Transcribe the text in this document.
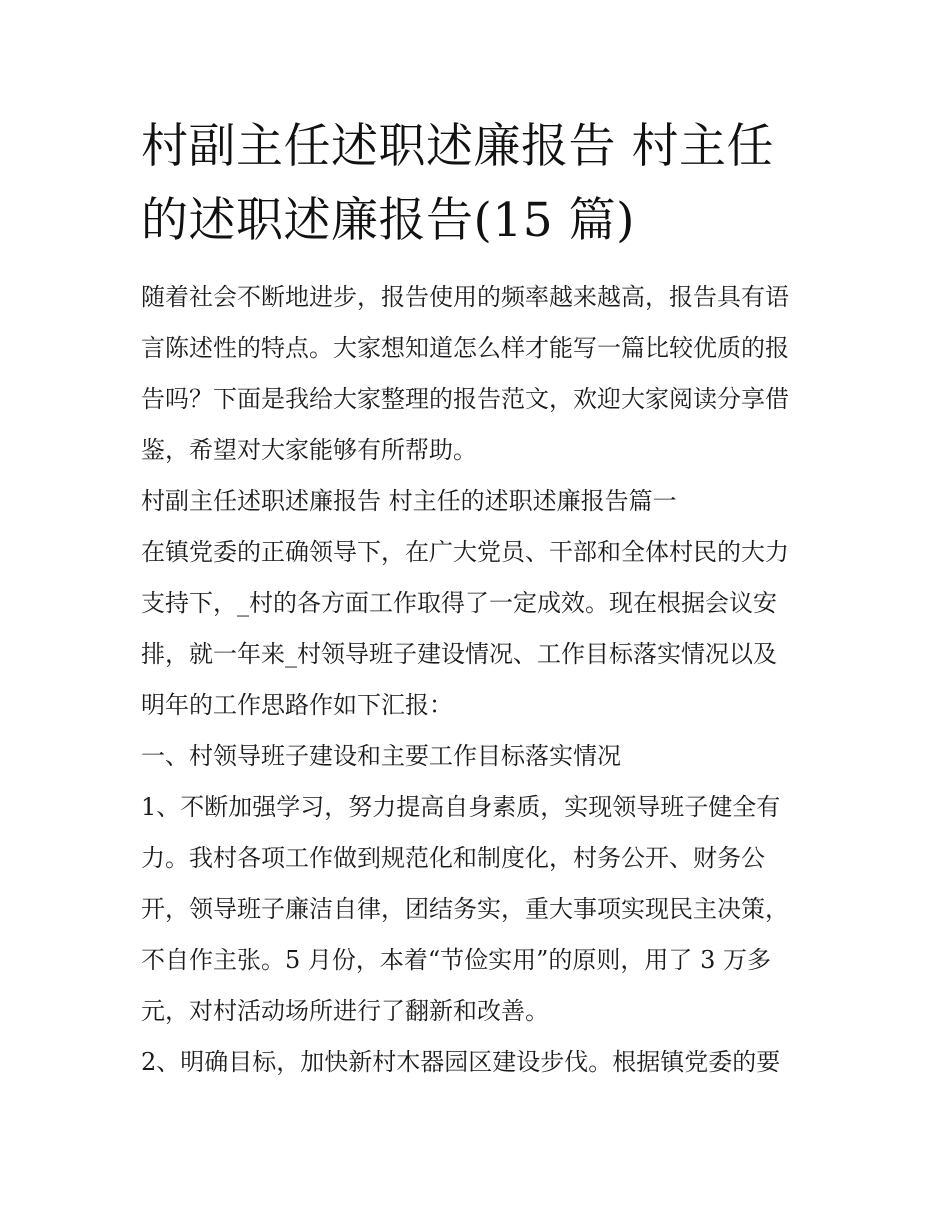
村副主任述职述廉报告 村主任
的述职述廉报告(15 篇)

随着社会不断地进步，报告使用的频率越来越高，报告具有语
言陈述性的特点。大家想知道怎么样才能写一篇比较优质的报
告吗？下面是我给大家整理的报告范文，欢迎大家阅读分享借
鉴，希望对大家能够有所帮助。

村副主任述职述廉报告 村主任的述职述廉报告篇一

在镇党委的正确领导下，在广大党员、干部和全体村民的大力
支持下，_村的各方面工作取得了一定成效。现在根据会议安
排，就一年来_村领导班子建设情况、工作目标落实情况以及
明年的工作思路作如下汇报：

一、村领导班子建设和主要工作目标落实情况

1、不断加强学习，努力提高自身素质，实现领导班子健全有
力。我村各项工作做到规范化和制度化，村务公开、财务公
开，领导班子廉洁自律，团结务实，重大事项实现民主决策，
不自作主张。5 月份，本着“节俭实用”的原则，用了 3 万多
元，对村活动场所进行了翻新和改善。

2、明确目标，加快新村木器园区建设步伐。根据镇党委的要
